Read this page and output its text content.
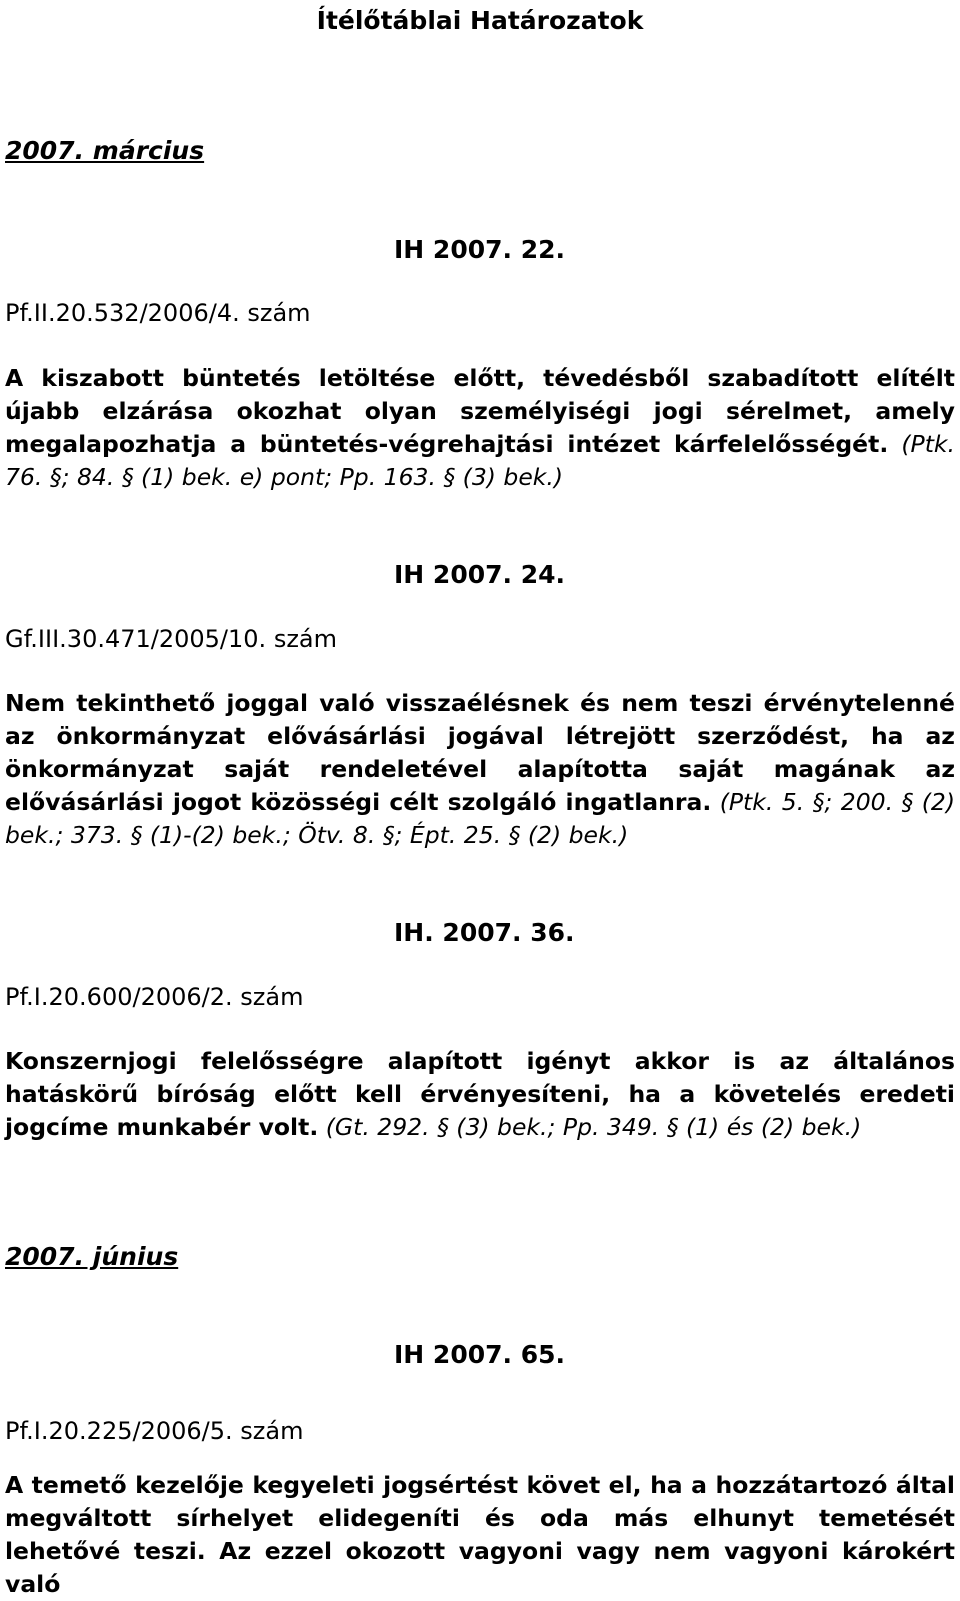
Ítélőtáblai Határozatok
2007. március
IH 2007. 22.
Pf.II.20.532/2006/4. szám
A kiszabott büntetés letöltése előtt, tévedésből szabadított elítélt újabb elzárása okozhat olyan személyiségi jogi sérelmet, amely megalapozhatja a büntetés-végrehajtási intézet kárfelelősségét. (Ptk. 76. §; 84. § (1) bek. e) pont; Pp. 163. § (3) bek.)
IH 2007. 24.
Gf.III.30.471/2005/10. szám
Nem tekinthető joggal való visszaélésnek és nem teszi érvénytelenné az önkormányzat elővásárlási jogával létrejött szerződést, ha az önkormányzat saját rendeletével alapította saját magának az elővásárlási jogot közösségi célt szolgáló ingatlanra. (Ptk. 5. §; 200. § (2) bek.; 373. § (1)-(2) bek.; Ötv. 8. §; Épt. 25. § (2) bek.)
IH. 2007. 36.
Pf.I.20.600/2006/2. szám
Konszernjogi felelősségre alapított igényt akkor is az általános hatáskörű bíróság előtt kell érvényesíteni, ha a követelés eredeti jogcíme munkabér volt. (Gt. 292. § (3) bek.; Pp. 349. § (1) és (2) bek.)
2007. június
IH 2007. 65.
Pf.I.20.225/2006/5. szám
A temető kezelője kegyeleti jogsértést követ el, ha a hozzátartozó által megváltott sírhelyet elidegeníti és oda más elhunyt temetését lehetővé teszi. Az ezzel okozott vagyoni vagy nem vagyoni károkért való
